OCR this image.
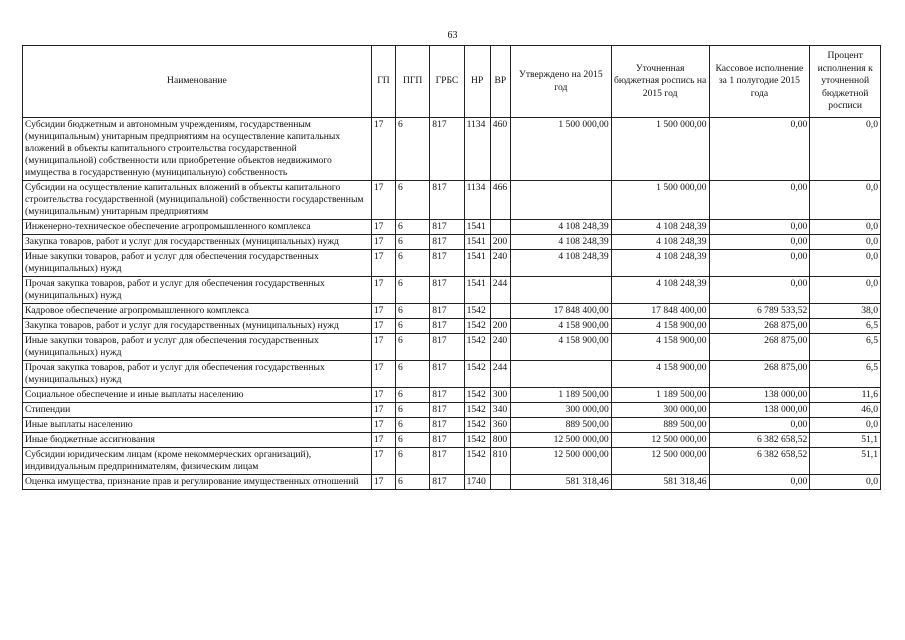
63
Наименование	ГП	ПГП	ГРБС	НР	ВР	Утверждено на 2015 год	Уточненная бюджетная роспись на 2015 год	Кассовое исполнение за 1 полугодие 2015 года	Процент исполнения к уточненной бюджетной росписи
Субсидии бюджетным и автономным учреждениям, государственным (муниципальным) унитарным предприятиям на осуществление капитальных вложений в объекты капитального строительства государственной (муниципальной) собственности или приобретение объектов недвижимого имущества в государственную (муниципальную) собственность	17	6	817	1134	460	1 500 000,00	1 500 000,00	0,00	0,0
Субсидии на осуществление капитальных вложений в объекты капитального строительства государственной (муниципальной) собственности государственным (муниципальным) унитарным предприятиям	17	6	817	1134	466		1 500 000,00	0,00	0,0
Инженерно-техническое обеспечение агропромышленного комплекса	17	6	817	1541		4 108 248,39	4 108 248,39	0,00	0,0
Закупка товаров, работ и услуг для государственных (муниципальных) нужд	17	6	817	1541	200	4 108 248,39	4 108 248,39	0,00	0,0
Иные закупки товаров, работ и услуг для обеспечения государственных (муниципальных) нужд	17	6	817	1541	240	4 108 248,39	4 108 248,39	0,00	0,0
Прочая закупка товаров, работ и услуг для обеспечения государственных (муниципальных) нужд	17	6	817	1541	244		4 108 248,39	0,00	0,0
Кадровое обеспечение агропромышленного комплекса	17	6	817	1542		17 848 400,00	17 848 400,00	6 789 533,52	38,0
Закупка товаров, работ и услуг для государственных (муниципальных) нужд	17	6	817	1542	200	4 158 900,00	4 158 900,00	268 875,00	6,5
Иные закупки товаров, работ и услуг для обеспечения государственных (муниципальных) нужд	17	6	817	1542	240	4 158 900,00	4 158 900,00	268 875,00	6,5
Прочая закупка товаров, работ и услуг для обеспечения государственных (муниципальных) нужд	17	6	817	1542	244		4 158 900,00	268 875,00	6,5
Социальное обеспечение и иные выплаты населению	17	6	817	1542	300	1 189 500,00	1 189 500,00	138 000,00	11,6
Стипендии	17	6	817	1542	340	300 000,00	300 000,00	138 000,00	46,0
Иные выплаты населению	17	6	817	1542	360	889 500,00	889 500,00	0,00	0,0
Иные бюджетные ассигнования	17	6	817	1542	800	12 500 000,00	12 500 000,00	6 382 658,52	51,1
Субсидии юридическим лицам (кроме некоммерческих организаций), индивидуальным предпринимателям, физическим лицам	17	6	817	1542	810	12 500 000,00	12 500 000,00	6 382 658,52	51,1
Оценка имущества, признание прав и регулирование имущественных отношений	17	6	817	1740		581 318,46	581 318,46	0,00	0,0
